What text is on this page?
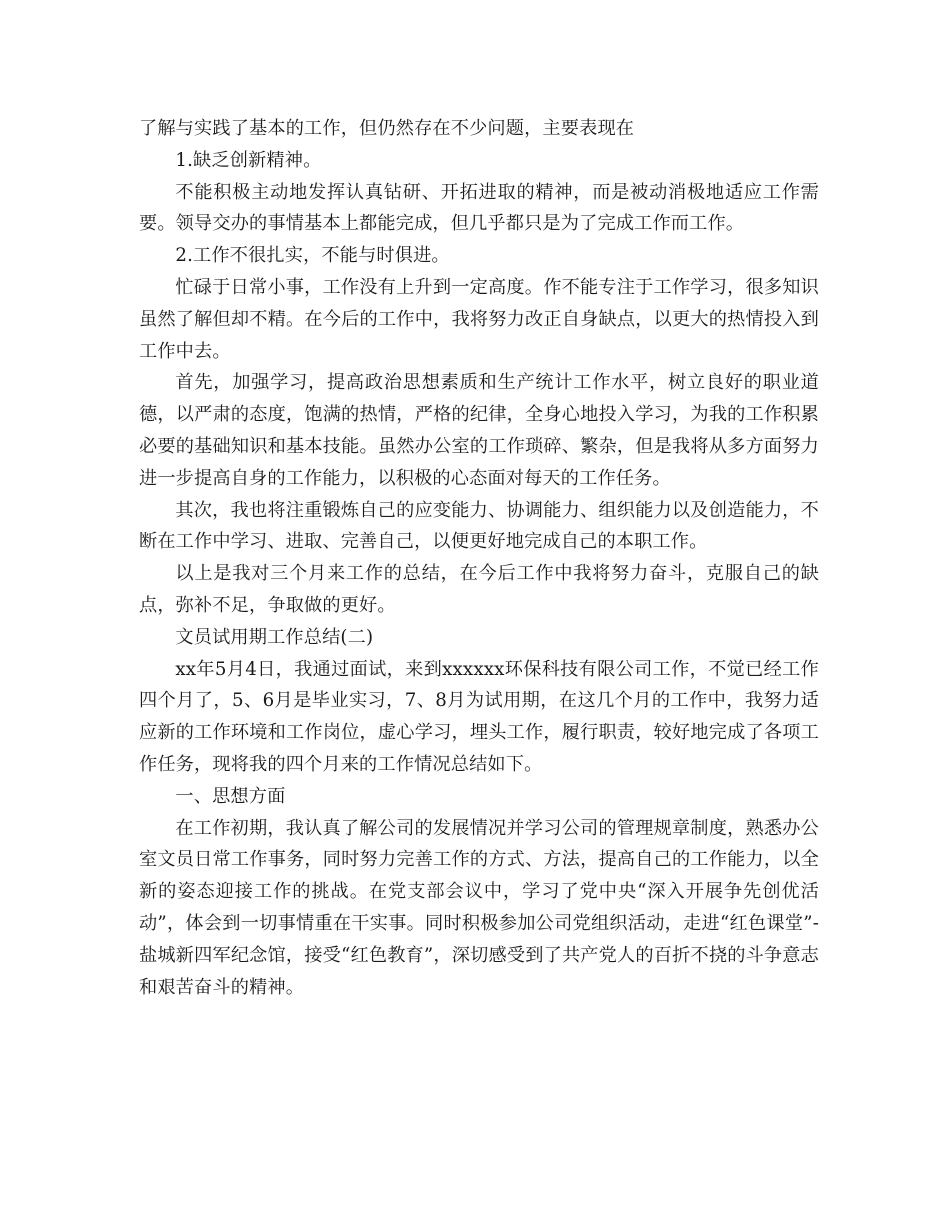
了解与实践了基本的工作，但仍然存在不少问题，主要表现在

1.缺乏创新精神。

不能积极主动地发挥认真钻研、开拓进取的精神，而是被动消极地适应工作需要。领导交办的事情基本上都能完成，但几乎都只是为了完成工作而工作。

2.工作不很扎实，不能与时俱进。

忙碌于日常小事，工作没有上升到一定高度。作不能专注于工作学习，很多知识虽然了解但却不精。在今后的工作中，我将努力改正自身缺点，以更大的热情投入到工作中去。

首先，加强学习，提高政治思想素质和生产统计工作水平，树立良好的职业道德，以严肃的态度，饱满的热情，严格的纪律，全身心地投入学习，为我的工作积累必要的基础知识和基本技能。虽然办公室的工作琐碎、繁杂，但是我将从多方面努力进一步提高自身的工作能力，以积极的心态面对每天的工作任务。

其次，我也将注重锻炼自己的应变能力、协调能力、组织能力以及创造能力，不断在工作中学习、进取、完善自己，以便更好地完成自己的本职工作。

以上是我对三个月来工作的总结，在今后工作中我将努力奋斗，克服自己的缺点，弥补不足，争取做的更好。

文员试用期工作总结(二)

xx年5月4日，我通过面试，来到xxxxxx环保科技有限公司工作，不觉已经工作四个月了，5、6月是毕业实习，7、8月为试用期，在这几个月的工作中，我努力适应新的工作环境和工作岗位，虚心学习，埋头工作，履行职责，较好地完成了各项工作任务，现将我的四个月来的工作情况总结如下。

一、思想方面

在工作初期，我认真了解公司的发展情况并学习公司的管理规章制度，熟悉办公室文员日常工作事务，同时努力完善工作的方式、方法，提高自己的工作能力，以全新的姿态迎接工作的挑战。在党支部会议中，学习了党中央“深入开展争先创优活动”，体会到一切事情重在干实事。同时积极参加公司党组织活动，走进“红色课堂”-盐城新四军纪念馆，接受“红色教育”，深切感受到了共产党人的百折不挠的斗争意志和艰苦奋斗的精神。
